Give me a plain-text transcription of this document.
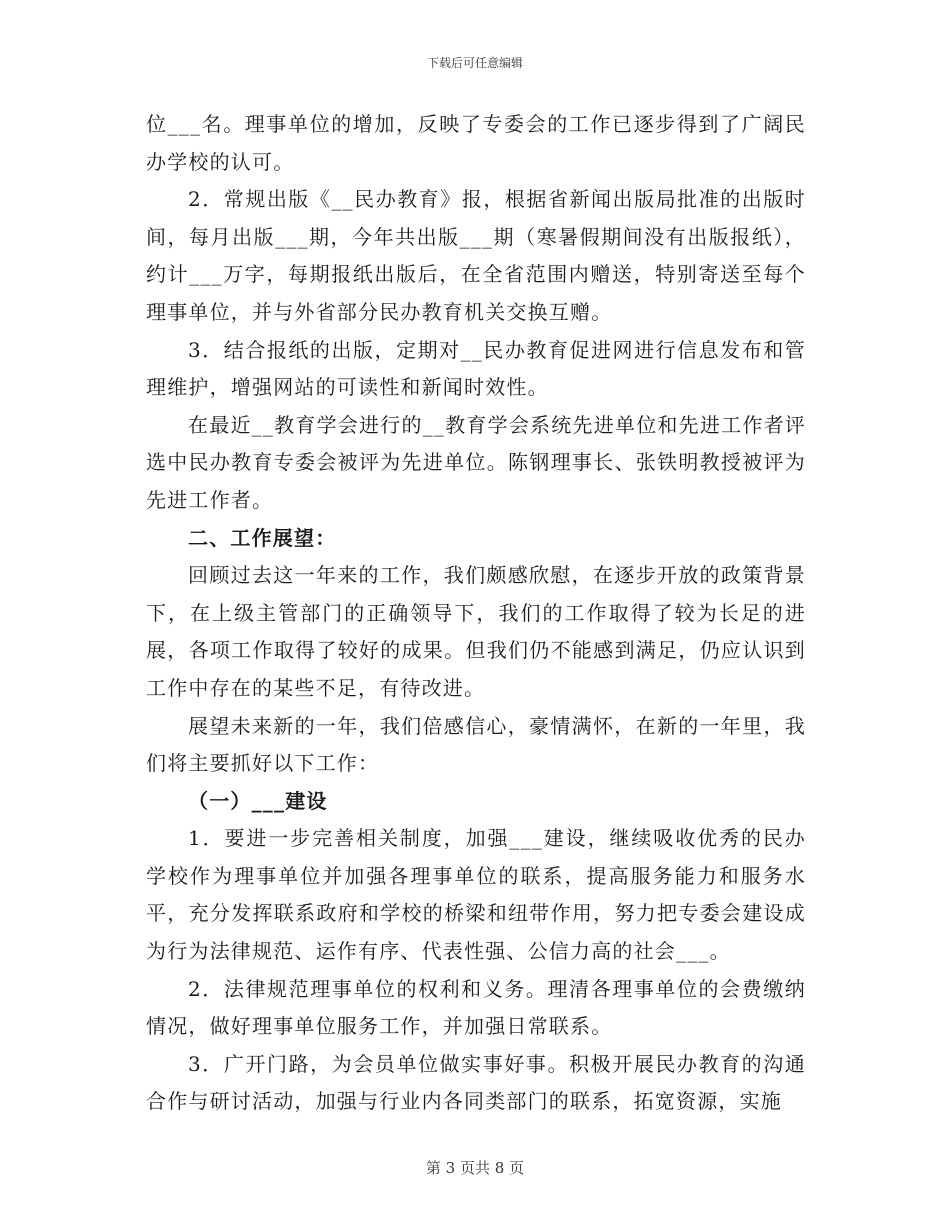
下载后可任意编辑

位___名。理事单位的增加，反映了专委会的工作已逐步得到了广阔民办学校的认可。

2．常规出版《__民办教育》报，根据省新闻出版局批准的出版时间，每月出版___期，今年共出版___期（寒暑假期间没有出版报纸），约计___万字，每期报纸出版后，在全省范围内赠送，特别寄送至每个理事单位，并与外省部分民办教育机关交换互赠。

3．结合报纸的出版，定期对__民办教育促进网进行信息发布和管理维护，增强网站的可读性和新闻时效性。

在最近__教育学会进行的__教育学会系统先进单位和先进工作者评选中民办教育专委会被评为先进单位。陈钢理事长、张铁明教授被评为先进工作者。

二、工作展望：

回顾过去这一年来的工作，我们颇感欣慰，在逐步开放的政策背景下，在上级主管部门的正确领导下，我们的工作取得了较为长足的进展，各项工作取得了较好的成果。但我们仍不能感到满足，仍应认识到工作中存在的某些不足，有待改进。

展望未来新的一年，我们倍感信心，豪情满怀，在新的一年里，我们将主要抓好以下工作：

（一）___建设

1．要进一步完善相关制度，加强___建设，继续吸收优秀的民办学校作为理事单位并加强各理事单位的联系，提高服务能力和服务水平，充分发挥联系政府和学校的桥梁和纽带作用，努力把专委会建设成为行为法律规范、运作有序、代表性强、公信力高的社会___。

2．法律规范理事单位的权利和义务。理清各理事单位的会费缴纳情况，做好理事单位服务工作，并加强日常联系。

3．广开门路，为会员单位做实事好事。积极开展民办教育的沟通合作与研讨活动，加强与行业内各同类部门的联系，拓宽资源，实施

第 3 页共 8 页
